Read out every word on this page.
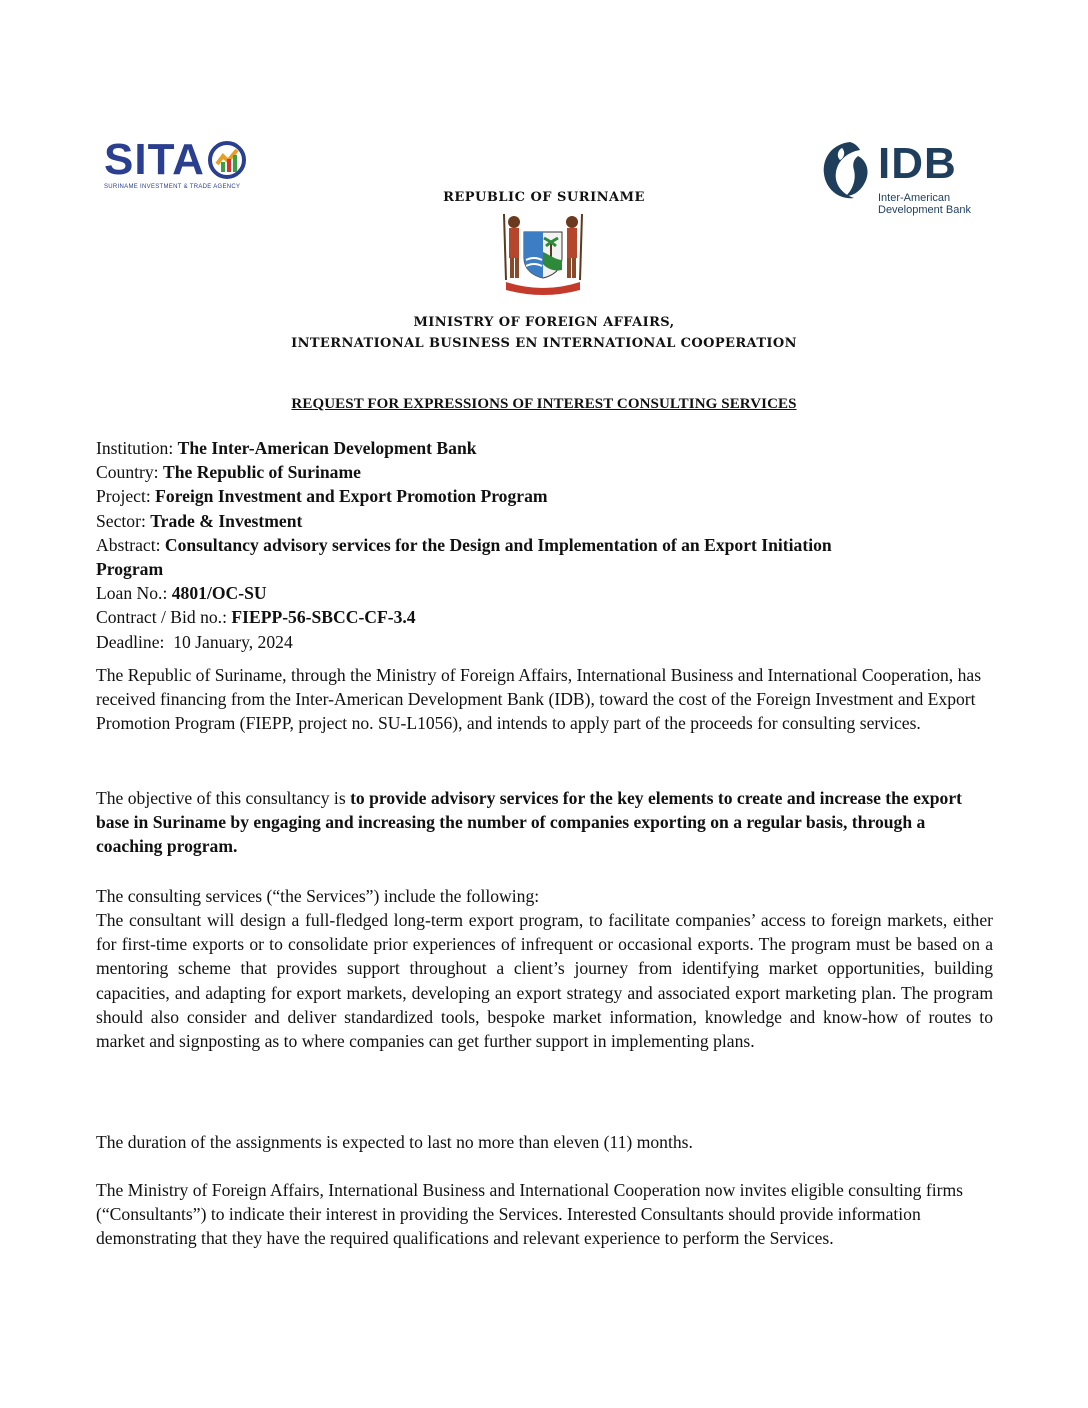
SITA
SURINAME INVESTMENT & TRADE AGENCY	IDB
Inter-American
Development Bank
REPUBLIC OF SURINAME
MINISTRY OF FOREIGN AFFAIRS,
INTERNATIONAL BUSINESS EN INTERNATIONAL COOPERATION
REQUEST FOR EXPRESSIONS OF INTEREST CONSULTING SERVICES
Institution: The Inter-American Development Bank
Country: The Republic of Suriname
Project: Foreign Investment and Export Promotion Program
Sector: Trade & Investment
Abstract: Consultancy advisory services for the Design and Implementation of an Export Initiation
Program
Loan No.: 4801/OC-SU
Contract / Bid no.: FIEPP-56-SBCC-CF-3.4
Deadline:  10 January, 2024
The Republic of Suriname, through the Ministry of Foreign Affairs, International Business and International Cooperation, has received financing from the Inter-American Development Bank (IDB), toward the cost of the Foreign Investment and Export Promotion Program (FIEPP, project no. SU-L1056), and intends to apply part of the proceeds for consulting services.
The objective of this consultancy is to provide advisory services for the key elements to create and increase the export base in Suriname by engaging and increasing the number of companies exporting on a regular basis, through a coaching program.
The consulting services (“the Services”) include the following:
The consultant will design a full-fledged long-term export program, to facilitate companies’ access to foreign markets, either for first-time exports or to consolidate prior experiences of infrequent or occasional exports. The program must be based on a mentoring scheme that provides support throughout a client’s journey from identifying market opportunities, building capacities, and adapting for export markets, developing an export strategy and associated export marketing plan. The program should also consider and deliver standardized tools, bespoke market information, knowledge and know-how of routes to market and signposting as to where companies can get further support in implementing plans.
The duration of the assignments is expected to last no more than eleven (11) months.
The Ministry of Foreign Affairs, International Business and International Cooperation now invites eligible consulting firms (“Consultants”) to indicate their interest in providing the Services. Interested Consultants should provide information demonstrating that they have the required qualifications and relevant experience to perform the Services.
